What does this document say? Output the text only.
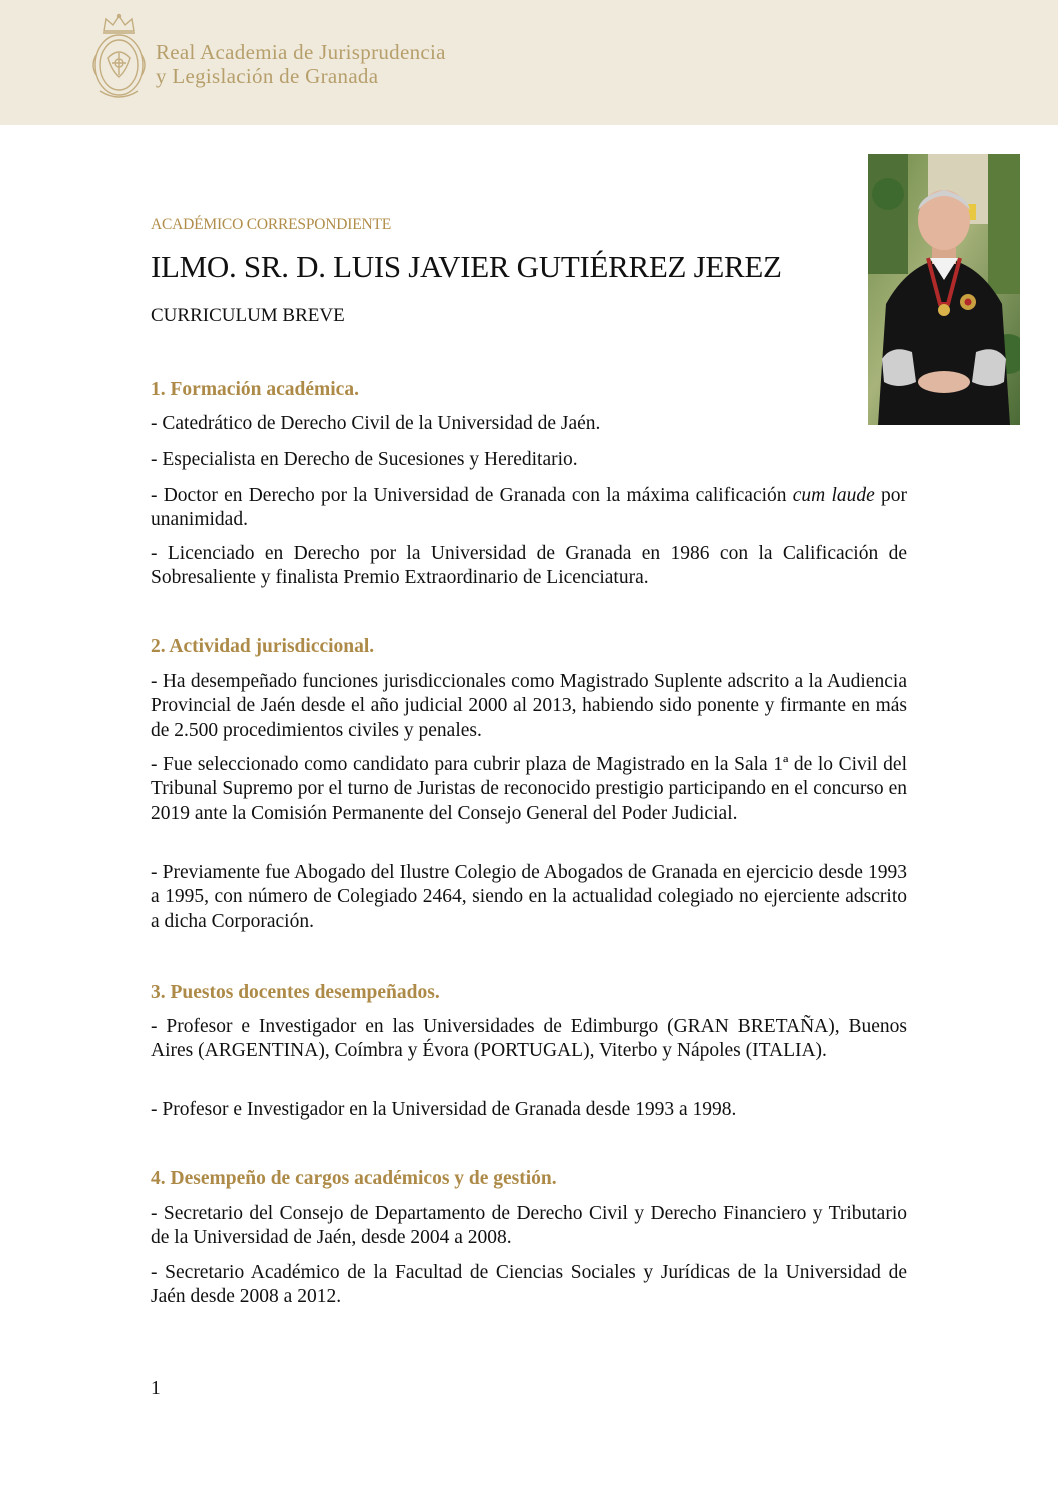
Real Academia de Jurisprudencia
y Legislación de Granada
ACADÉMICO CORRESPONDIENTE
ILMO. SR. D. LUIS JAVIER GUTIÉRREZ JEREZ
CURRICULUM BREVE
1. Formación académica.
- Catedrático de Derecho Civil de la Universidad de Jaén.
- Especialista en Derecho de Sucesiones y Hereditario.
- Doctor en Derecho por la Universidad de Granada con la máxima calificación cum laude por unanimidad.
- Licenciado en Derecho por la Universidad de Granada en 1986 con la Calificación de Sobresaliente y finalista Premio Extraordinario de Licenciatura.
2. Actividad jurisdiccional.
- Ha desempeñado funciones jurisdiccionales como Magistrado Suplente adscrito a la Audiencia Provincial de Jaén desde el año judicial 2000 al 2013, habiendo sido ponente y firmante en más de 2.500 procedimientos civiles y penales.
- Fue seleccionado como candidato para cubrir plaza de Magistrado en la Sala 1ª de lo Civil del Tribunal Supremo por el turno de Juristas de reconocido prestigio participando en el concurso en 2019 ante la Comisión Permanente del Consejo General del Poder Judicial.
- Previamente fue Abogado del Ilustre Colegio de Abogados de Granada en ejercicio desde 1993 a 1995, con número de Colegiado 2464, siendo en la actualidad colegiado no ejerciente adscrito a dicha Corporación.
3. Puestos docentes desempeñados.
- Profesor e Investigador en las Universidades de Edimburgo (GRAN BRETAÑA), Buenos Aires (ARGENTINA), Coímbra y Évora (PORTUGAL), Viterbo y Nápoles (ITALIA).
- Profesor e Investigador en la Universidad de Granada desde 1993 a 1998.
4. Desempeño de cargos académicos y de gestión.
- Secretario del Consejo de Departamento de Derecho Civil y Derecho Financiero y Tributario de la Universidad de Jaén, desde 2004 a 2008.
- Secretario Académico de la Facultad de Ciencias Sociales y Jurídicas de la Universidad de Jaén desde 2008 a 2012.
1
